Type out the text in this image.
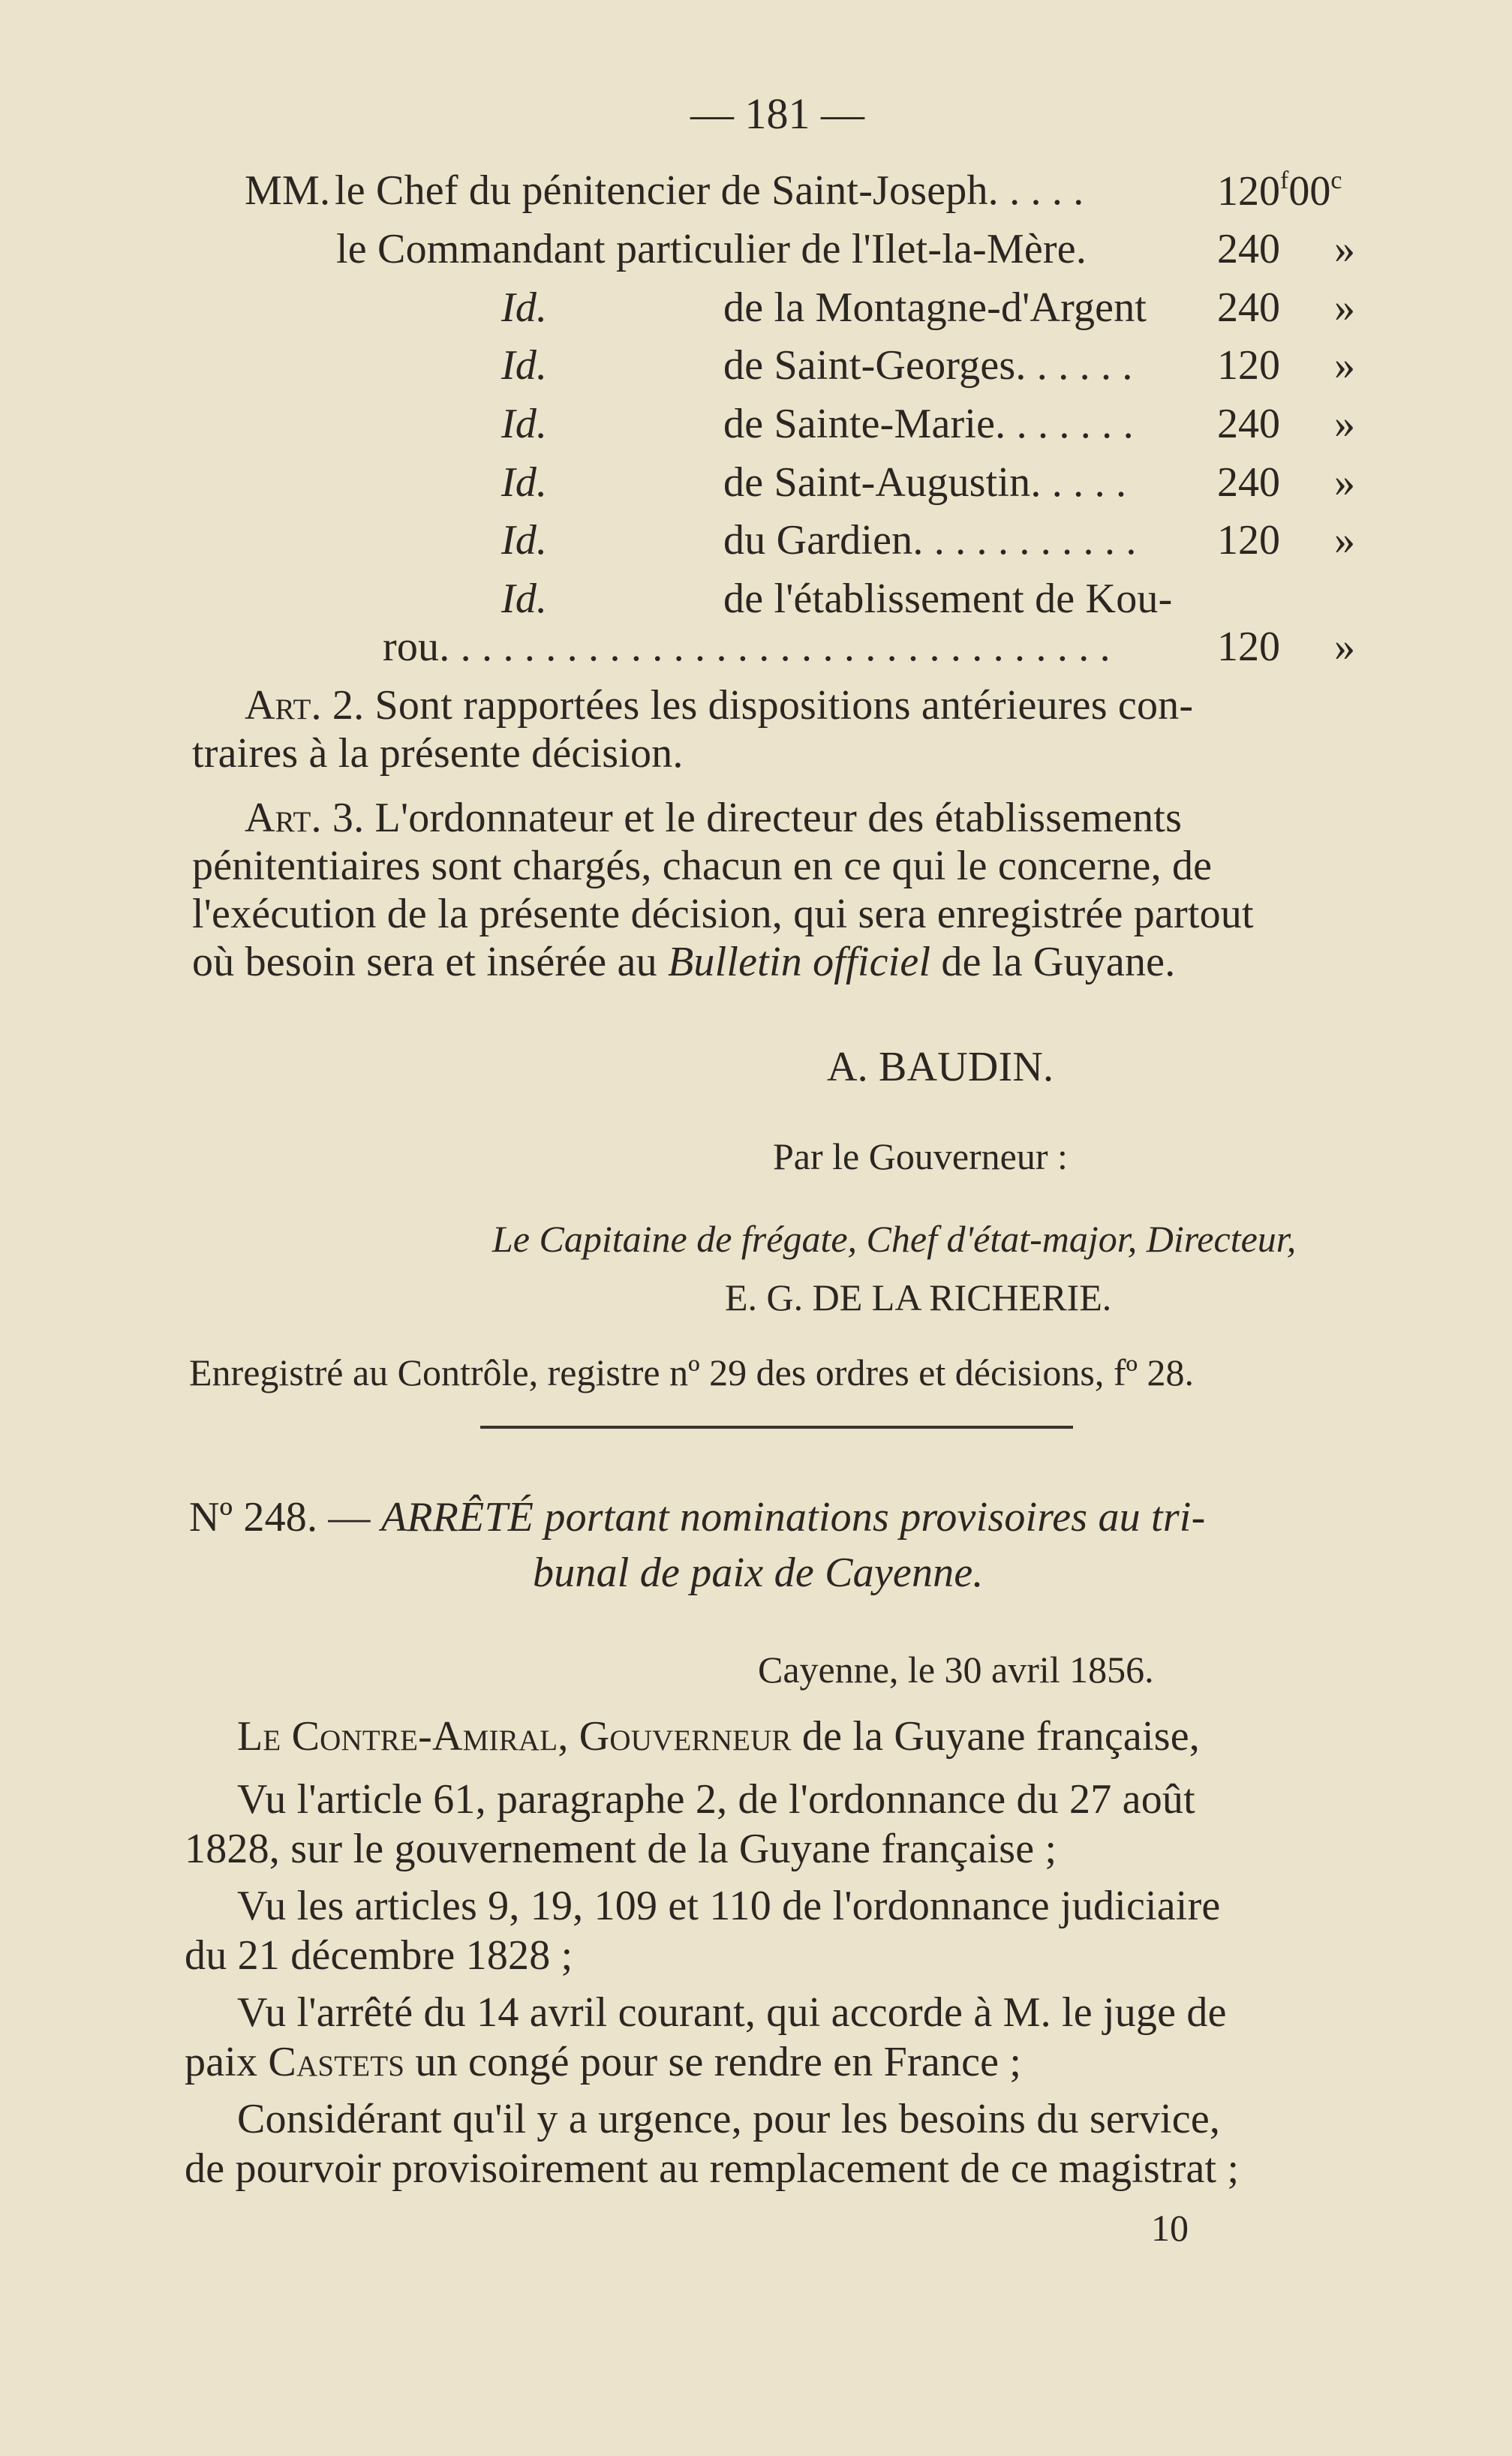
— 181 —
MM. le Chef du pénitencier de Saint-Joseph. . . . .	120$^f$00$^c$
le Commandant particulier de l'Ilet-la-Mère.	240 »
Id.	de la Montagne-d'Argent 240 »
Id.	de Saint-Georges. . . . . . 120 »
Id.	de Sainte-Marie. . . . . . . 240 »
Id.	de Saint-Augustin. . . . . 240 »
Id.	du Gardien. . . . . . . . . . . 120 »
Id.	de l'établissement de Kou-
rou. . . . . . . . . . . . . . . . . . . . . . . . . . . . . . . .	120 »
Art. 2. Sont rapportées les dispositions antérieures con-
traires à la présente décision.
Art. 3. L'ordonnateur et le directeur des établissements
pénitentiaires sont chargés, chacun en ce qui le concerne, de
l'exécution de la présente décision, qui sera enregistrée partout
où besoin sera et insérée au Bulletin officiel de la Guyane.
A. BAUDIN.
Par le Gouverneur :
Le Capitaine de frégate, Chef d'état-major, Directeur,
E. G. DE LA RICHERIE.
Enregistré au Contrôle, registre nº 29 des ordres et décisions, fº 28.
Nº 248. — ARRÊTÉ portant nominations provisoires au tri-
bunal de paix de Cayenne.
Cayenne, le 30 avril 1856.
Le Contre-Amiral, Gouverneur de la Guyane française,
Vu l'article 61, paragraphe 2, de l'ordonnance du 27 août
1828, sur le gouvernement de la Guyane française ;
Vu les articles 9, 19, 109 et 110 de l'ordonnance judiciaire
du 21 décembre 1828 ;
Vu l'arrêté du 14 avril courant, qui accorde à M. le juge de
paix Castets un congé pour se rendre en France ;
Considérant qu'il y a urgence, pour les besoins du service,
de pourvoir provisoirement au remplacement de ce magistrat ;
10
